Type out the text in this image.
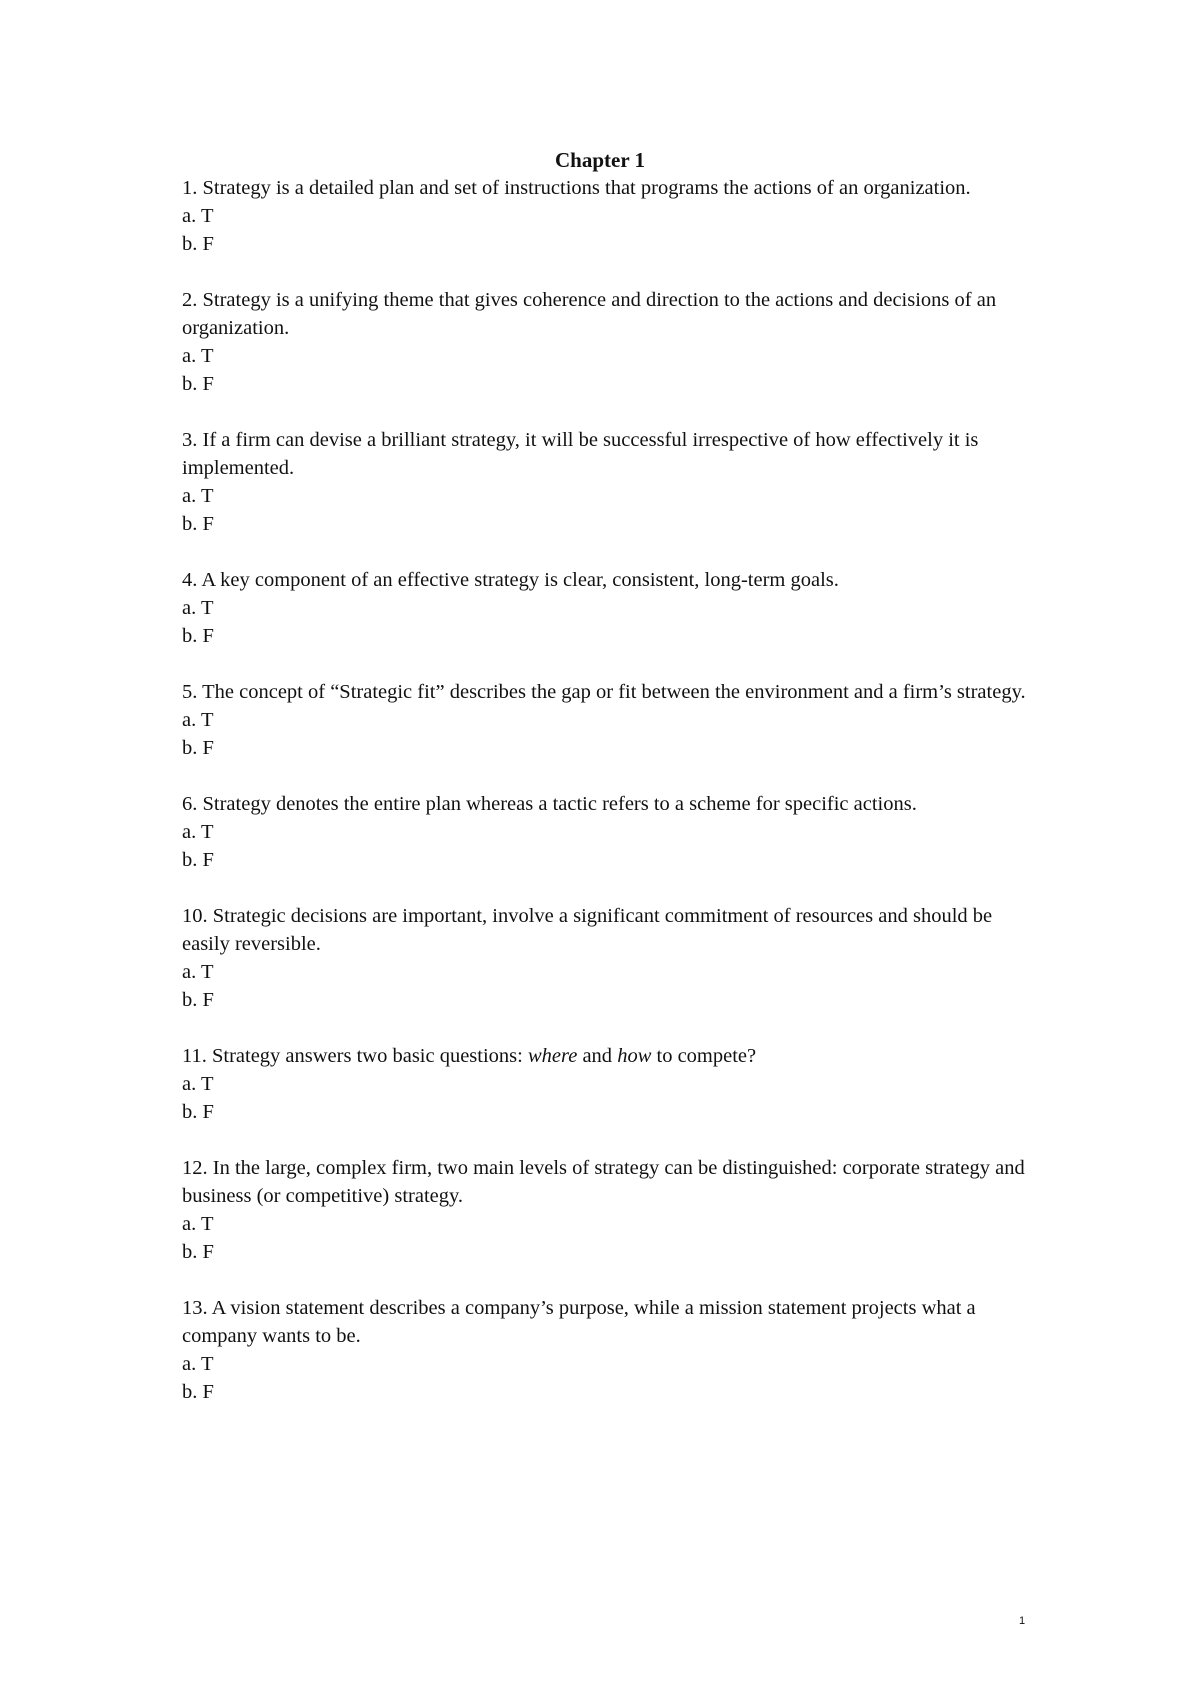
Chapter 1
1. Strategy is a detailed plan and set of instructions that programs the actions of an organization.
a. T
b. F
2. Strategy is a unifying theme that gives coherence and direction to the actions and decisions of an organization.
a. T
b. F
3. If a firm can devise a brilliant strategy, it will be successful irrespective of how effectively it is implemented.
a. T
b. F
4. A key component of an effective strategy is clear, consistent, long-term goals.
a. T
b. F
5. The concept of “Strategic fit” describes the gap or fit between the environment and a firm’s strategy.
a. T
b. F
6. Strategy denotes the entire plan whereas a tactic refers to a scheme for specific actions.
a. T
b. F
10. Strategic decisions are important, involve a significant commitment of resources and should be easily reversible.
a. T
b. F
11. Strategy answers two basic questions: where and how to compete?
a. T
b. F
12. In the large, complex firm, two main levels of strategy can be distinguished: corporate strategy and business (or competitive) strategy.
a. T
b. F
13. A vision statement describes a company’s purpose, while a mission statement projects what a company wants to be.
a. T
b. F
1
